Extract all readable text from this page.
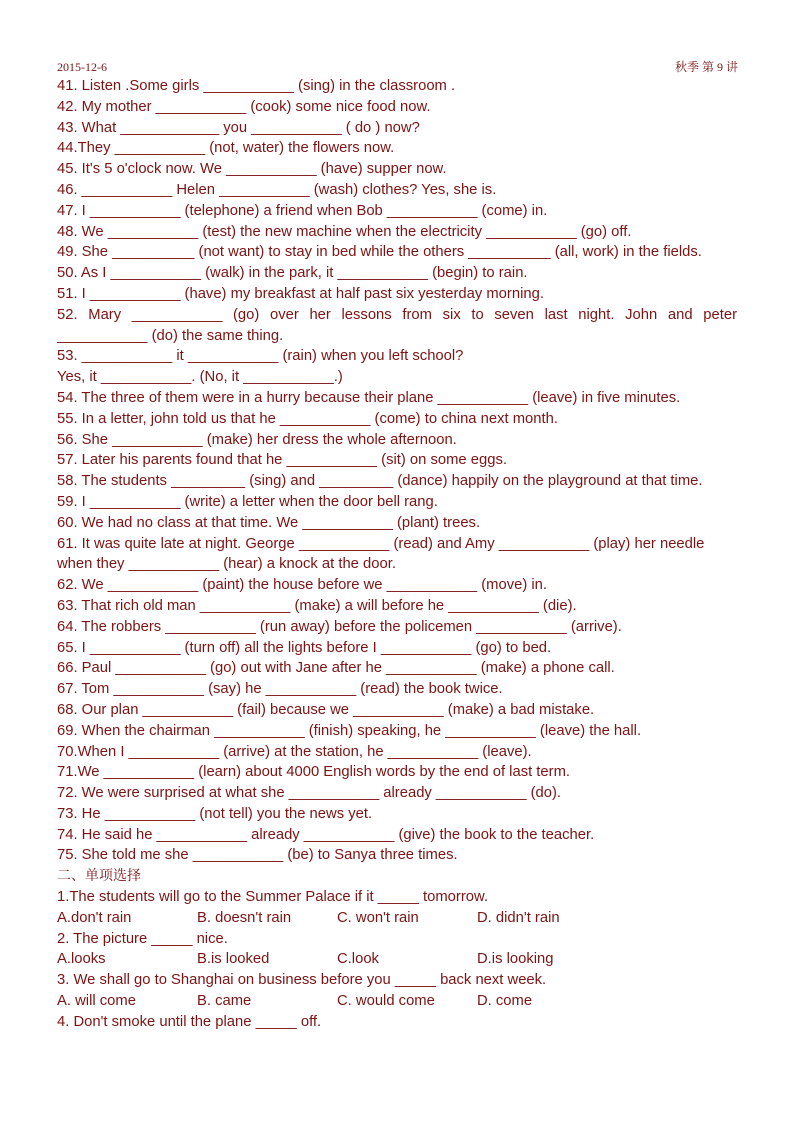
2015-12-6	秋季 第 9 讲
41. Listen .Some girls ___________ (sing) in the classroom .
42. My mother ___________ (cook) some nice food now.
43. What ____________ you ___________ ( do ) now?
44.They ___________ (not, water) the flowers now.
45. It's 5 o'clock now. We ___________ (have) supper now.
46. ___________ Helen ___________ (wash) clothes? Yes, she is.
47. I ___________ (telephone) a friend when Bob ___________ (come) in.
48. We ___________ (test) the new machine when the electricity ___________ (go) off.
49. She __________ (not want) to stay in bed while the others __________ (all, work) in the fields.
50. As I ___________ (walk) in the park, it ___________ (begin) to rain.
51. I ___________ (have) my breakfast at half past six yesterday morning.
52. Mary ___________ (go) over her lessons from six to seven last night. John and peter
___________ (do) the same thing.
53. ___________ it ___________ (rain) when you left school?
Yes, it ___________. (No, it ___________.)
54. The three of them were in a hurry because their plane ___________ (leave) in five minutes.
55. In a letter, john told us that he ___________ (come) to china next month.
56. She ___________ (make) her dress the whole afternoon.
57. Later his parents found that he ___________ (sit) on some eggs.
58. The students _________ (sing) and _________ (dance) happily on the playground at that time.
59. I ___________ (write) a letter when the door bell rang.
60. We had no class at that time. We ___________ (plant) trees.
61. It was quite late at night. George ___________ (read) and Amy ___________ (play) her needle
when they ___________ (hear) a knock at the door.
62. We ___________ (paint) the house before we ___________ (move) in.
63. That rich old man ___________ (make) a will before he ___________ (die).
64. The robbers ___________ (run away) before the policemen ___________ (arrive).
65. I ___________ (turn off) all the lights before I ___________ (go) to bed.
66. Paul ___________ (go) out with Jane after he ___________ (make) a phone call.
67. Tom ___________ (say) he ___________ (read) the book twice.
68. Our plan ___________ (fail) because we ___________ (make) a bad mistake.
69. When the chairman ___________ (finish) speaking, he ___________ (leave) the hall.
70.When I ___________ (arrive) at the station, he ___________ (leave).
71.We ___________ (learn) about 4000 English words by the end of last term.
72. We were surprised at what she ___________ already ___________ (do).
73. He ___________ (not tell) you the news yet.
74. He said he ___________ already ___________ (give) the book to the teacher.
75. She told me she ___________ (be) to Sanya three times.
二、单项选择
1.The students will go to the Summer Palace if it _____ tomorrow.
A.don't rain	B. doesn't rain	C. won't rain	D. didn't rain
2. The picture _____ nice.
A.looks	B.is looked	C.look	D.is looking
3. We shall go to Shanghai on business before you _____ back next week.
A. will come	B. came	C. would come	D. come
4. Don't smoke until the plane _____ off.
